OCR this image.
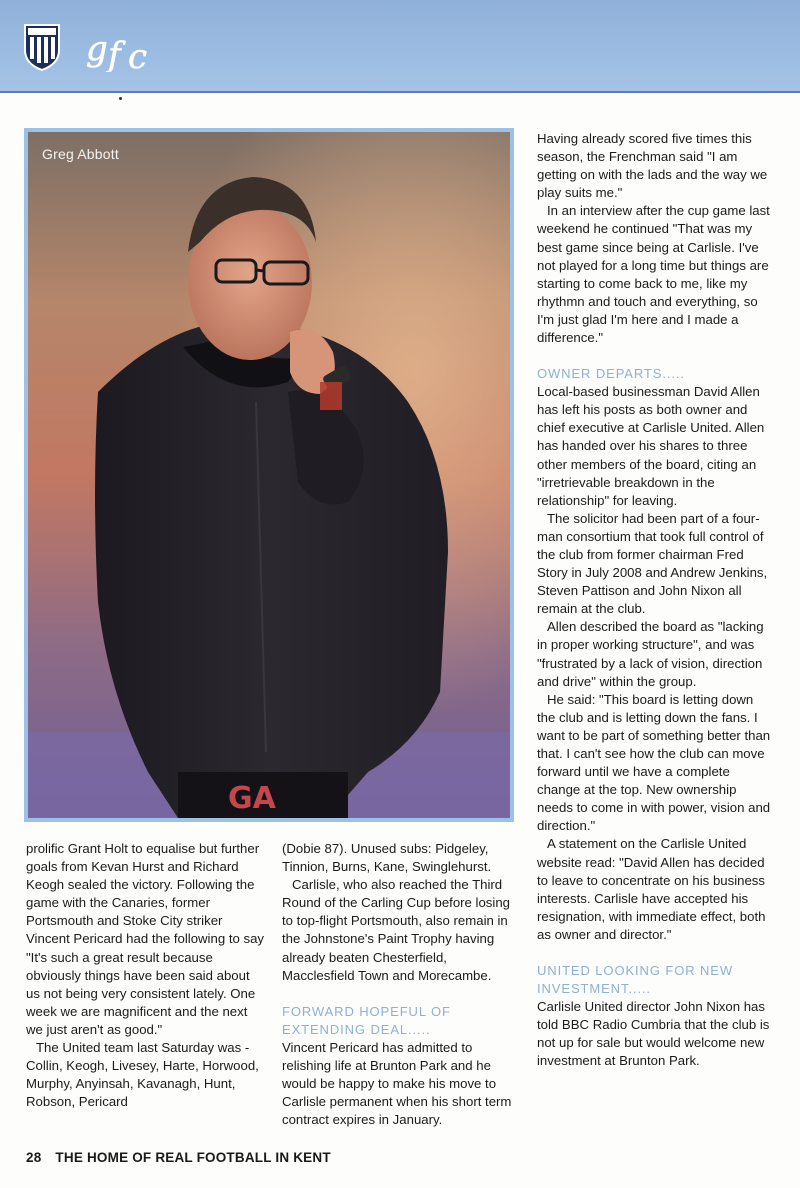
g f c
GA
Greg Abbott

prolific Grant Holt to equalise but further goals from Kevan Hurst and Richard Keogh sealed the victory. Following the game with the Canaries, former Portsmouth and Stoke City striker Vincent Pericard had the following to say "It's such a great result because obviously things have been said about us not being very consistent lately. One week we are magnificent and the next we just aren't as good."

The United team last Saturday was - Collin, Keogh, Livesey, Harte, Horwood, Murphy, Anyinsah, Kavanagh, Hunt, Robson, Pericard

(Dobie 87). Unused subs: Pidgeley, Tinnion, Burns, Kane, Swinglehurst.

Carlisle, who also reached the Third Round of the Carling Cup before losing to top-flight Portsmouth, also remain in the Johnstone's Paint Trophy having already beaten Chesterfield, Macclesfield Town and Morecambe.

FORWARD HOPEFUL OF EXTENDING DEAL.....

Vincent Pericard has admitted to relishing life at Brunton Park and he would be happy to make his move to Carlisle permanent when his short term contract expires in January.

Having already scored five times this season, the Frenchman said "I am getting on with the lads and the way we play suits me."

In an interview after the cup game last weekend he continued "That was my best game since being at Carlisle. I've not played for a long time but things are starting to come back to me, like my rhythmn and touch and everything, so I'm just glad I'm here and I made a difference."

OWNER DEPARTS.....

Local-based businessman David Allen has left his posts as both owner and chief executive at Carlisle United. Allen has handed over his shares to three other members of the board, citing an "irretrievable breakdown in the relationship" for leaving.

The solicitor had been part of a four-man consortium that took full control of the club from former chairman Fred Story in July 2008 and Andrew Jenkins, Steven Pattison and John Nixon all remain at the club.

Allen described the board as "lacking in proper working structure", and was "frustrated by a lack of vision, direction and drive" within the group.

He said: "This board is letting down the club and is letting down the fans. I want to be part of something better than that. I can't see how the club can move forward until we have a complete change at the top. New ownership needs to come in with power, vision and direction."

A statement on the Carlisle United website read: "David Allen has decided to leave to concentrate on his business interests. Carlisle have accepted his resignation, with immediate effect, both as owner and director."

UNITED LOOKING FOR NEW INVESTMENT.....

Carlisle United director John Nixon has told BBC Radio Cumbria that the club is not up for sale but would welcome new investment at Brunton Park.

28 THE HOME OF REAL FOOTBALL IN KENT
